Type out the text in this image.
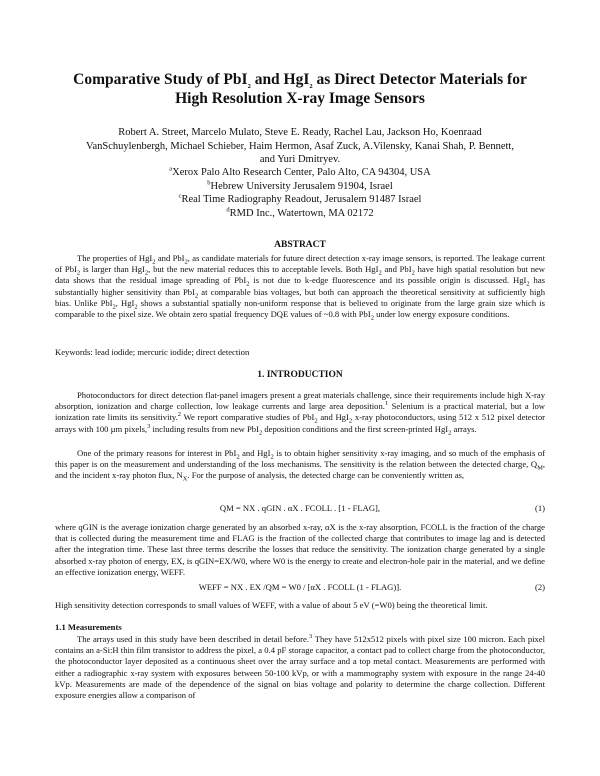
Comparative Study of PbI$_2$ and HgI$_2$ as Direct Detector Materials for
High Resolution X-ray Image Sensors
Robert A. Street, Marcelo Mulato, Steve E. Ready, Rachel Lau, Jackson Ho, Koenraad
VanSchuylenbergh, Michael Schieber, Haim Hermon, Asaf Zuck, A.Vilensky, Kanai Shah, P. Bennett,
and Yuri Dmitryev.
$^a$Xerox Palo Alto Research Center, Palo Alto, CA 94304, USA
$^b$Hebrew University Jerusalem 91904, Israel
$^c$Real Time Radiography Readout, Jerusalem 91487 Israel
$^d$RMD Inc., Watertown, MA 02172
ABSTRACT
The properties of HgI$_2$ and PbI$_2$, as candidate materials for future direct detection x-ray image sensors, is reported. The leakage current of PbI$_2$ is larger than HgI$_2$, but the new material reduces this to acceptable levels. Both HgI$_2$ and PbI$_2$ have high spatial resolution but new data shows that the residual image spreading of PbI$_2$ is not due to k-edge fluorescence and its possible origin is discussed. HgI$_2$ has substantially higher sensitivity than PbI$_2$ at comparable bias voltages, but both can approach the theoretical sensitivity at sufficiently high bias. Unlike PbI$_2$, HgI$_2$ shows a substantial spatially non-uniform response that is believed to originate from the large grain size which is comparable to the pixel size. We obtain zero spatial frequency DQE values of ~0.8 with PbI$_2$ under low energy exposure conditions.
Keywords: lead iodide; mercuric iodide; direct detection
1. INTRODUCTION
Photoconductors for direct detection flat-panel imagers present a great materials challenge, since their requirements include high X-ray absorption, ionization and charge collection, low leakage currents and large area deposition.$^1$ Selenium is a practical material, but a low ionization rate limits its sensitivity.$^2$ We report comparative studies of PbI$_2$ and HgI$_2$ x-ray photoconductors, using 512 x 512 pixel detector arrays with 100 µm pixels,$^3$ including results from new PbI$_2$ deposition conditions and the first screen-printed HgI$_2$ arrays.
One of the primary reasons for interest in PbI$_2$ and HgI$_2$ is to obtain higher sensitivity x-ray imaging, and so much of the emphasis of this paper is on the measurement and understanding of the loss mechanisms. The sensitivity is the relation between the detected charge, $Q_M$, and the incident x-ray photon flux, $N_X$. For the purpose of analysis, the detected charge can be conveniently written as,
QM = NX . qGIN . αX . FCOLL . [1 - FLAG],	(1)
where qGIN is the average ionization charge generated by an absorbed x-ray, αX is the x-ray absorption, FCOLL is the fraction of the charge that is collected during the measurement time and FLAG is the fraction of the collected charge that contributes to image lag and is detected after the integration time. These last three terms describe the losses that reduce the sensitivity. The ionization charge generated by a single absorbed x-ray photon of energy, EX, is qGIN=EX/W0, where W0 is the energy to create and electron-hole pair in the material, and we define an effective ionization energy, WEFF.
WEFF = NX . EX /QM = W0 / [αX . FCOLL (1 - FLAG)].	(2)
High sensitivity detection corresponds to small values of WEFF, with a value of about 5 eV (=W0) being the theoretical limit.
1.1 Measurements
The arrays used in this study have been described in detail before.$^3$ They have 512x512 pixels with pixel size 100 micron. Each pixel contains an a-Si:H thin film transistor to address the pixel, a 0.4 pF storage capacitor, a contact pad to collect charge from the photoconductor, the photoconductor layer deposited as a continuous sheet over the array surface and a top metal contact. Measurements are performed with either a radiographic x-ray system with exposures between 50-100 kVp, or with a mammography system with exposure in the range 24-40 kVp. Measurements are made of the dependence of the signal on bias voltage and polarity to determine the charge collection. Different exposure energies allow a comparison of
